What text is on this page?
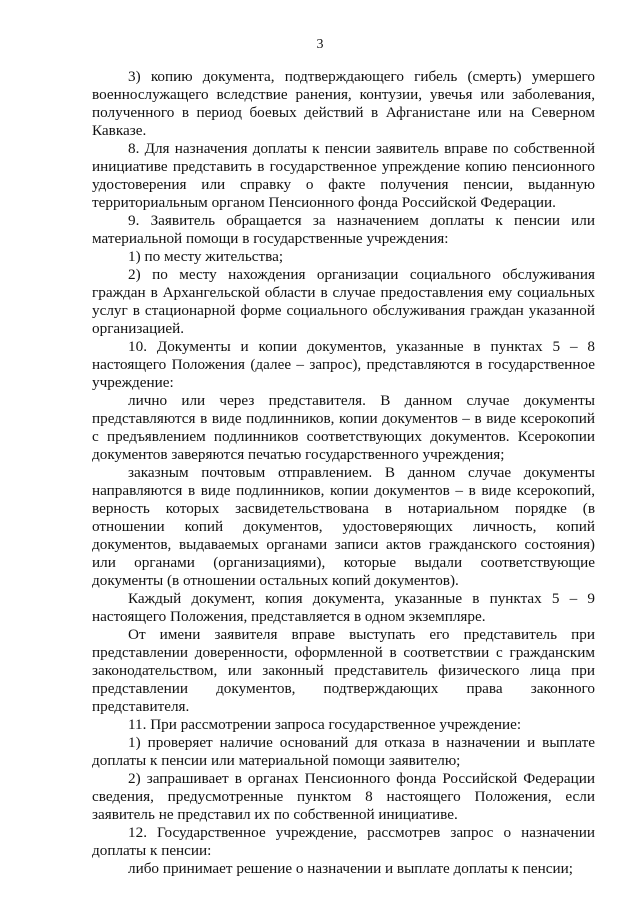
3

3) копию документа, подтверждающего гибель (смерть) умершего военнослужащего вследствие ранения, контузии, увечья или заболевания, полученного в период боевых действий в Афганистане или на Северном Кавказе.

8. Для назначения доплаты к пенсии заявитель вправе по собственной инициативе представить в государственное упреждение копию пенсионного удостоверения или справку о факте получения пенсии, выданную территориальным органом Пенсионного фонда Российской Федерации.

9. Заявитель обращается за назначением доплаты к пенсии или материальной помощи в государственные учреждения:

1) по месту жительства;

2) по месту нахождения организации социального обслуживания граждан в Архангельской области в случае предоставления ему социальных услуг в стационарной форме социального обслуживания граждан указанной организацией.

10. Документы и копии документов, указанные в пунктах 5 – 8 настоящего Положения (далее – запрос), представляются в государственное учреждение:

лично или через представителя. В данном случае документы представляются в виде подлинников, копии документов – в виде ксерокопий с предъявлением подлинников соответствующих документов. Ксерокопии документов заверяются печатью государственного учреждения;

заказным почтовым отправлением. В данном случае документы направляются в виде подлинников, копии документов – в виде ксерокопий, верность которых засвидетельствована в нотариальном порядке (в отношении копий документов, удостоверяющих личность, копий документов, выдаваемых органами записи актов гражданского состояния) или органами (организациями), которые выдали соответствующие документы (в отношении остальных копий документов).

Каждый документ, копия документа, указанные в пунктах 5 – 9 настоящего Положения, представляется в одном экземпляре.

От имени заявителя вправе выступать его представитель при представлении доверенности, оформленной в соответствии с гражданским законодательством, или законный представитель физического лица при представлении документов, подтверждающих права законного представителя.

11. При рассмотрении запроса государственное учреждение:

1) проверяет наличие оснований для отказа в назначении и выплате доплаты к пенсии или материальной помощи заявителю;

2) запрашивает в органах Пенсионного фонда Российской Федерации сведения, предусмотренные пунктом 8 настоящего Положения, если заявитель не представил их по собственной инициативе.

12. Государственное учреждение, рассмотрев запрос о назначении доплаты к пенсии:

либо принимает решение о назначении и выплате доплаты к пенсии;
